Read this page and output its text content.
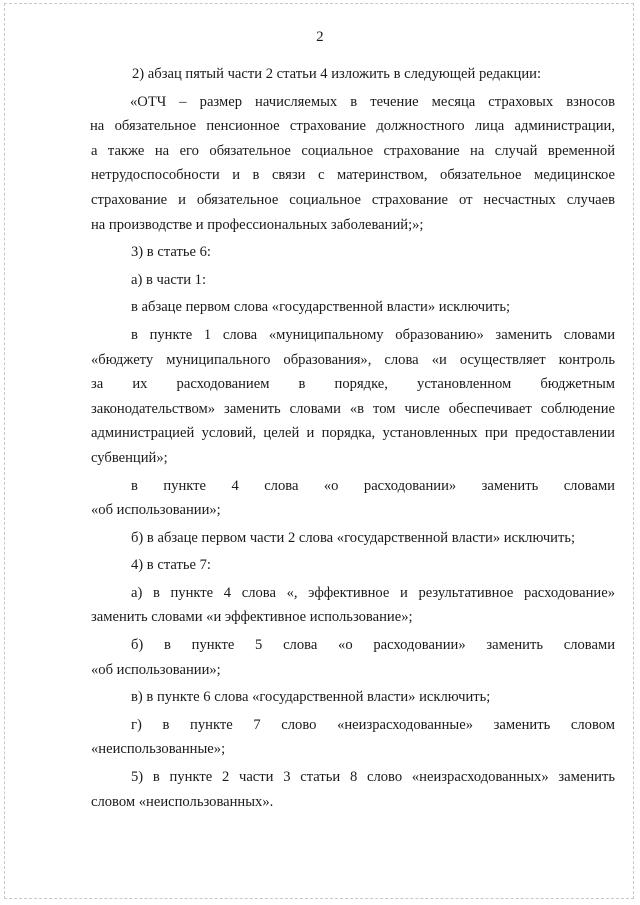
2
2) абзац пятый части 2 статьи 4 изложить в следующей редакции:
«ОТЧ – размер начисляемых в течение месяца страховых взносов
на обязательное пенсионное страхование должностного лица администрации,
а также на его обязательное социальное страхование на случай временной
нетрудоспособности и в связи с материнством, обязательное медицинское
страхование и обязательное социальное страхование от несчастных случаев
на производстве и профессиональных заболеваний;»;
3) в статье 6:
а) в части 1:
в абзаце первом слова «государственной власти» исключить;
в пункте 1 слова «муниципальному образованию» заменить словами
«бюджету муниципального образования», слова «и осуществляет контроль
за их расходованием в порядке, установленном бюджетным
законодательством» заменить словами «в том числе обеспечивает соблюдение
администрацией условий, целей и порядка, установленных при предоставлении
субвенций»;
в пункте 4 слова «о расходовании» заменить словами
«об использовании»;
б) в абзаце первом части 2 слова «государственной власти» исключить;
4) в статье 7:
а) в пункте 4 слова «, эффективное и результативное расходование»
заменить словами «и эффективное использование»;
б) в пункте 5 слова «о расходовании» заменить словами
«об использовании»;
в) в пункте 6 слова «государственной власти» исключить;
г) в пункте 7 слово «неизрасходованные» заменить словом
«неиспользованные»;
5) в пункте 2 части 3 статьи 8 слово «неизрасходованных» заменить
словом «неиспользованных».
